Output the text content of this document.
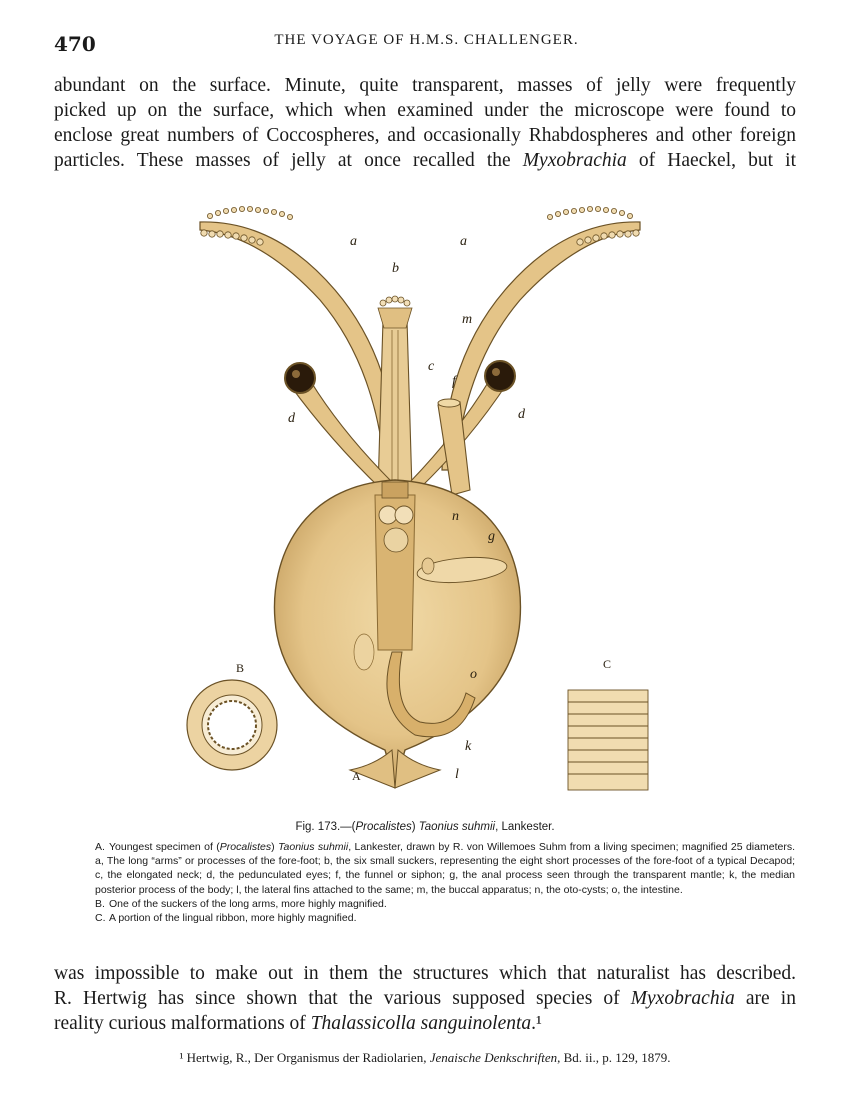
470	THE VOYAGE OF H.M.S. CHALLENGER.
abundant on the surface. Minute, quite transparent, masses of jelly were frequently
picked up on the surface, which when examined under the microscope were found to
enclose great numbers of Coccospheres, and occasionally Rhabdospheres and other foreign
particles. These masses of jelly at once recalled the Myxobrachia of Haeckel, but it
a	a
b
m
c
f
d	d
n
g
o
k
l
A
B	C
Fig. 173.—(Procalistes) Taonius suhmii, Lankester.
A. Youngest specimen of (Procalistes) Taonius suhmii, Lankester, drawn by R. von Willemoes Suhm from a living specimen; magnified 25 diameters. a, The long “arms” or processes of the fore-foot; b, the six small suckers, representing the eight short processes of the fore-foot of a typical Decapod; c, the elongated neck; d, the pedunculated eyes; f, the funnel or siphon; g, the anal process seen through the transparent mantle; k, the median posterior process of the body; l, the lateral fins attached to the same; m, the buccal apparatus; n, the oto-cysts; o, the intestine.
B. One of the suckers of the long arms, more highly magnified.
C. A portion of the lingual ribbon, more highly magnified.
was impossible to make out in them the structures which that naturalist has described.
R. Hertwig has since shown that the various supposed species of Myxobrachia are in
reality curious malformations of Thalassicolla sanguinolenta.¹
¹ Hertwig, R., Der Organismus der Radiolarien, Jenaische Denkschriften, Bd. ii., p. 129, 1879.
